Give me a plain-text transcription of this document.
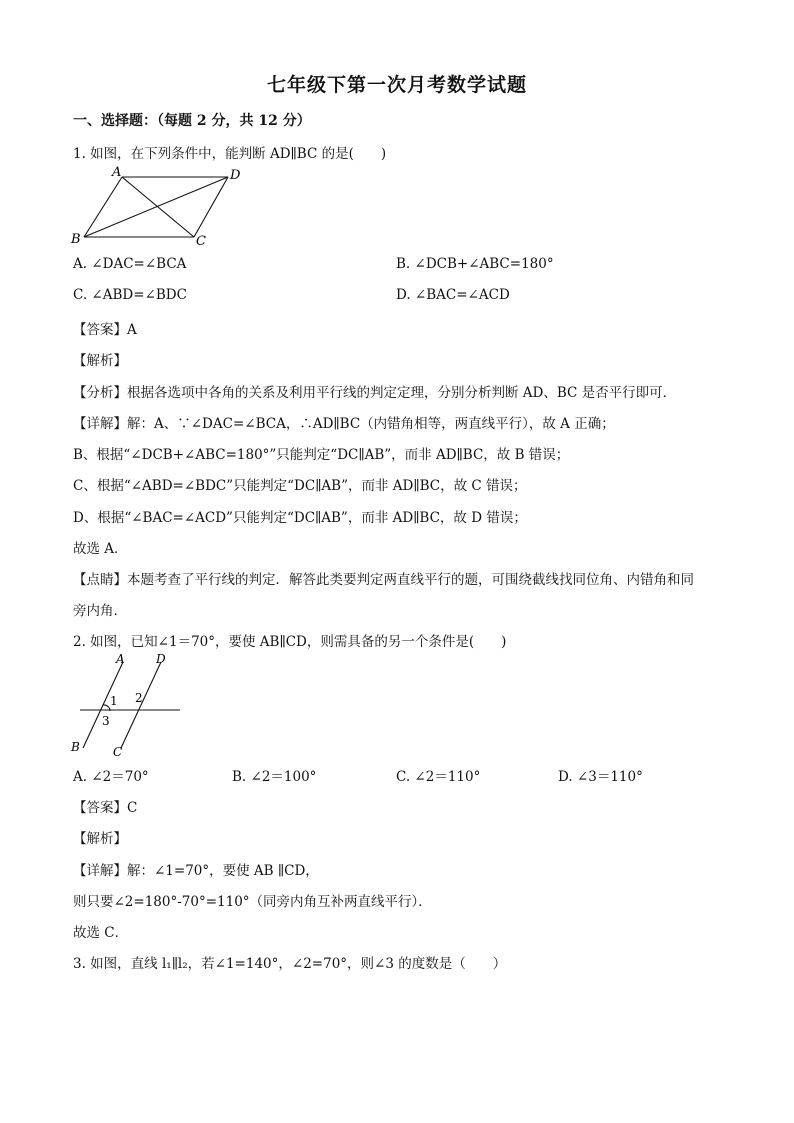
七年级下第一次月考数学试题
一、选择题：（每题 2 分，共 12 分）
1. 如图，在下列条件中，能判断 AD∥BC 的是(　　)
A	D
B	C
A. ∠DAC=∠BCA	B. ∠DCB+∠ABC=180°
C. ∠ABD=∠BDC	D. ∠BAC=∠ACD
【答案】A
【解析】
【分析】根据各选项中各角的关系及利用平行线的判定定理，分别分析判断 AD、BC 是否平行即可．
【详解】解：A、∵∠DAC=∠BCA，∴AD∥BC（内错角相等，两直线平行），故 A 正确；
B、根据“∠DCB+∠ABC=180°”只能判定“DC∥AB”，而非 AD∥BC，故 B 错误；
C、根据“∠ABD=∠BDC”只能判定“DC∥AB”，而非 AD∥BC，故 C 错误；
D、根据“∠BAC=∠ACD”只能判定“DC∥AB”，而非 AD∥BC，故 D 错误；
故选 A．
【点睛】本题考查了平行线的判定．解答此类要判定两直线平行的题，可围绕截线找同位角、内错角和同
旁内角．
2. 如图，已知∠1＝70°，要使 AB∥CD，则需具备的另一个条件是(　　)
A	D
B	C
1 2
3
A. ∠2＝70°	B. ∠2＝100°	C. ∠2＝110°	D. ∠3＝110°
【答案】C
【解析】
【详解】解：∠1=70°，要使 AB ∥CD，
则只要∠2=180°-70°=110°（同旁内角互补两直线平行）．
故选 C．
3. 如图，直线 l₁∥l₂，若∠1=140°，∠2=70°，则∠3 的度数是（　　）
